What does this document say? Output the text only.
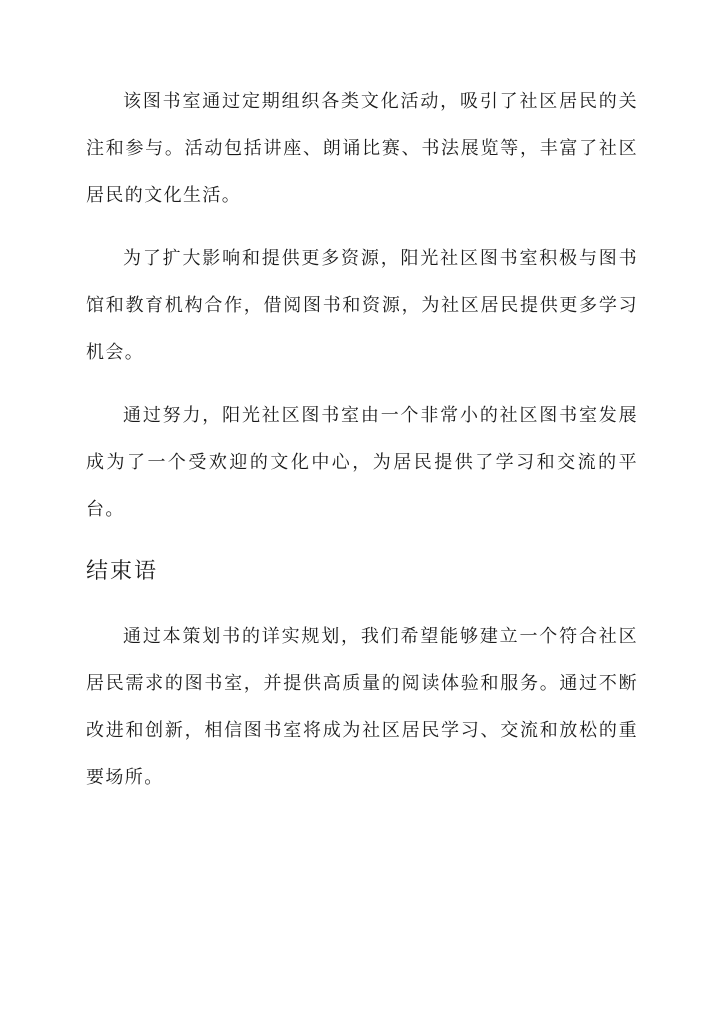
该图书室通过定期组织各类文化活动，吸引了社区居民的关注和参与。活动包括讲座、朗诵比赛、书法展览等，丰富了社区居民的文化生活。

为了扩大影响和提供更多资源，阳光社区图书室积极与图书馆和教育机构合作，借阅图书和资源，为社区居民提供更多学习机会。

通过努力，阳光社区图书室由一个非常小的社区图书室发展成为了一个受欢迎的文化中心，为居民提供了学习和交流的平台。

结束语

通过本策划书的详实规划，我们希望能够建立一个符合社区居民需求的图书室，并提供高质量的阅读体验和服务。通过不断改进和创新，相信图书室将成为社区居民学习、交流和放松的重要场所。
